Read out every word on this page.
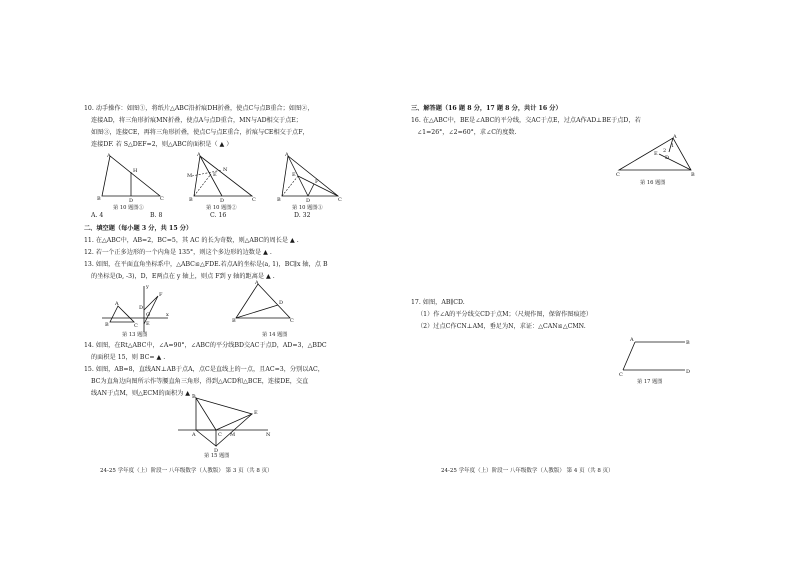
10. 动手操作：如图①，将纸片△ABC沿折痕DH折叠，使点C与点B重合；如图②，
连接AD，将三角形折痕MN折叠，使点A与点D重合，MN与AD相交于点E；
如图③，连接CE，再将三角形折叠，使点C与点E重合，折痕与CE相交于点F，
连接DF. 若 S△DEF=2，则△ABC的面积是（ ▲ ）
A
H
B	D	C
第 10 题图①
A
M
N
E
B	D	C
第 10 题图②
A
E
F
B	D	C
第 10 题图③
A. 4	B. 8	C. 16	D. 32
二、填空题（每小题 3 分，共 15 分）
11. 在△ABC中，AB=2，BC=5，其 AC 的长为奇数，则△ABC的周长是 ▲ .
12. 若一个正多边形的一个内角是 135°，则这个多边形的边数是 ▲ .
13. 如图，在平面直角坐标系中，△ABC≌△FDE.若点A的坐标是(a, 1)，BC∥x 轴，点 B
的坐标是(b, -3)，D，E两点在 y 轴上，则点 F到 y 轴的距离是 ▲ .
A
B	C
F
D
E
O	x
y
第 13 题图
A
B
D
C
第 14 题图
14. 如图，在Rt△ABC中，∠A=90°，∠ABC的平分线BD交AC于点D，AD=3，△BDC
的面积是 15，则 BC= ▲ .
15. 如图，AB=8，直线AN⊥AB于点A，点C是直线上的一点，且AC=3，分别以AC，
BC为直角边向图所示作等腰直角三角形，得到△ACD和△BCE，连接DE，交直
线AN于点M，则△ECM的面积为 ▲ .
B
A	C M	N
E
D
第 15 题图
24-25 学年度（上）阶段一 八年级数学（人教版） 第 3 页（共 8 页）
三、解答题（16 题 8 分，17 题 8 分，共计 16 分）
16. 在△ABC中，BE是∠ABC的平分线，交AC于点E，过点A作AD⊥BE于点D，若
∠1=26°，∠2=60°，求∠C的度数.
A
C	B
E
D
1
2
第 16 题图
17. 如图，AB∥CD.
（1）作∠A的平分线交CD于点M；（尺规作图，保留作图痕迹）
（2）过点C作CN⊥AM，垂足为N，求证：△CAN≌△CMN.
A	B
C	D
第 17 题图
24-25 学年度（上）阶段一 八年级数学（人教版） 第 4 页（共 8 页）
